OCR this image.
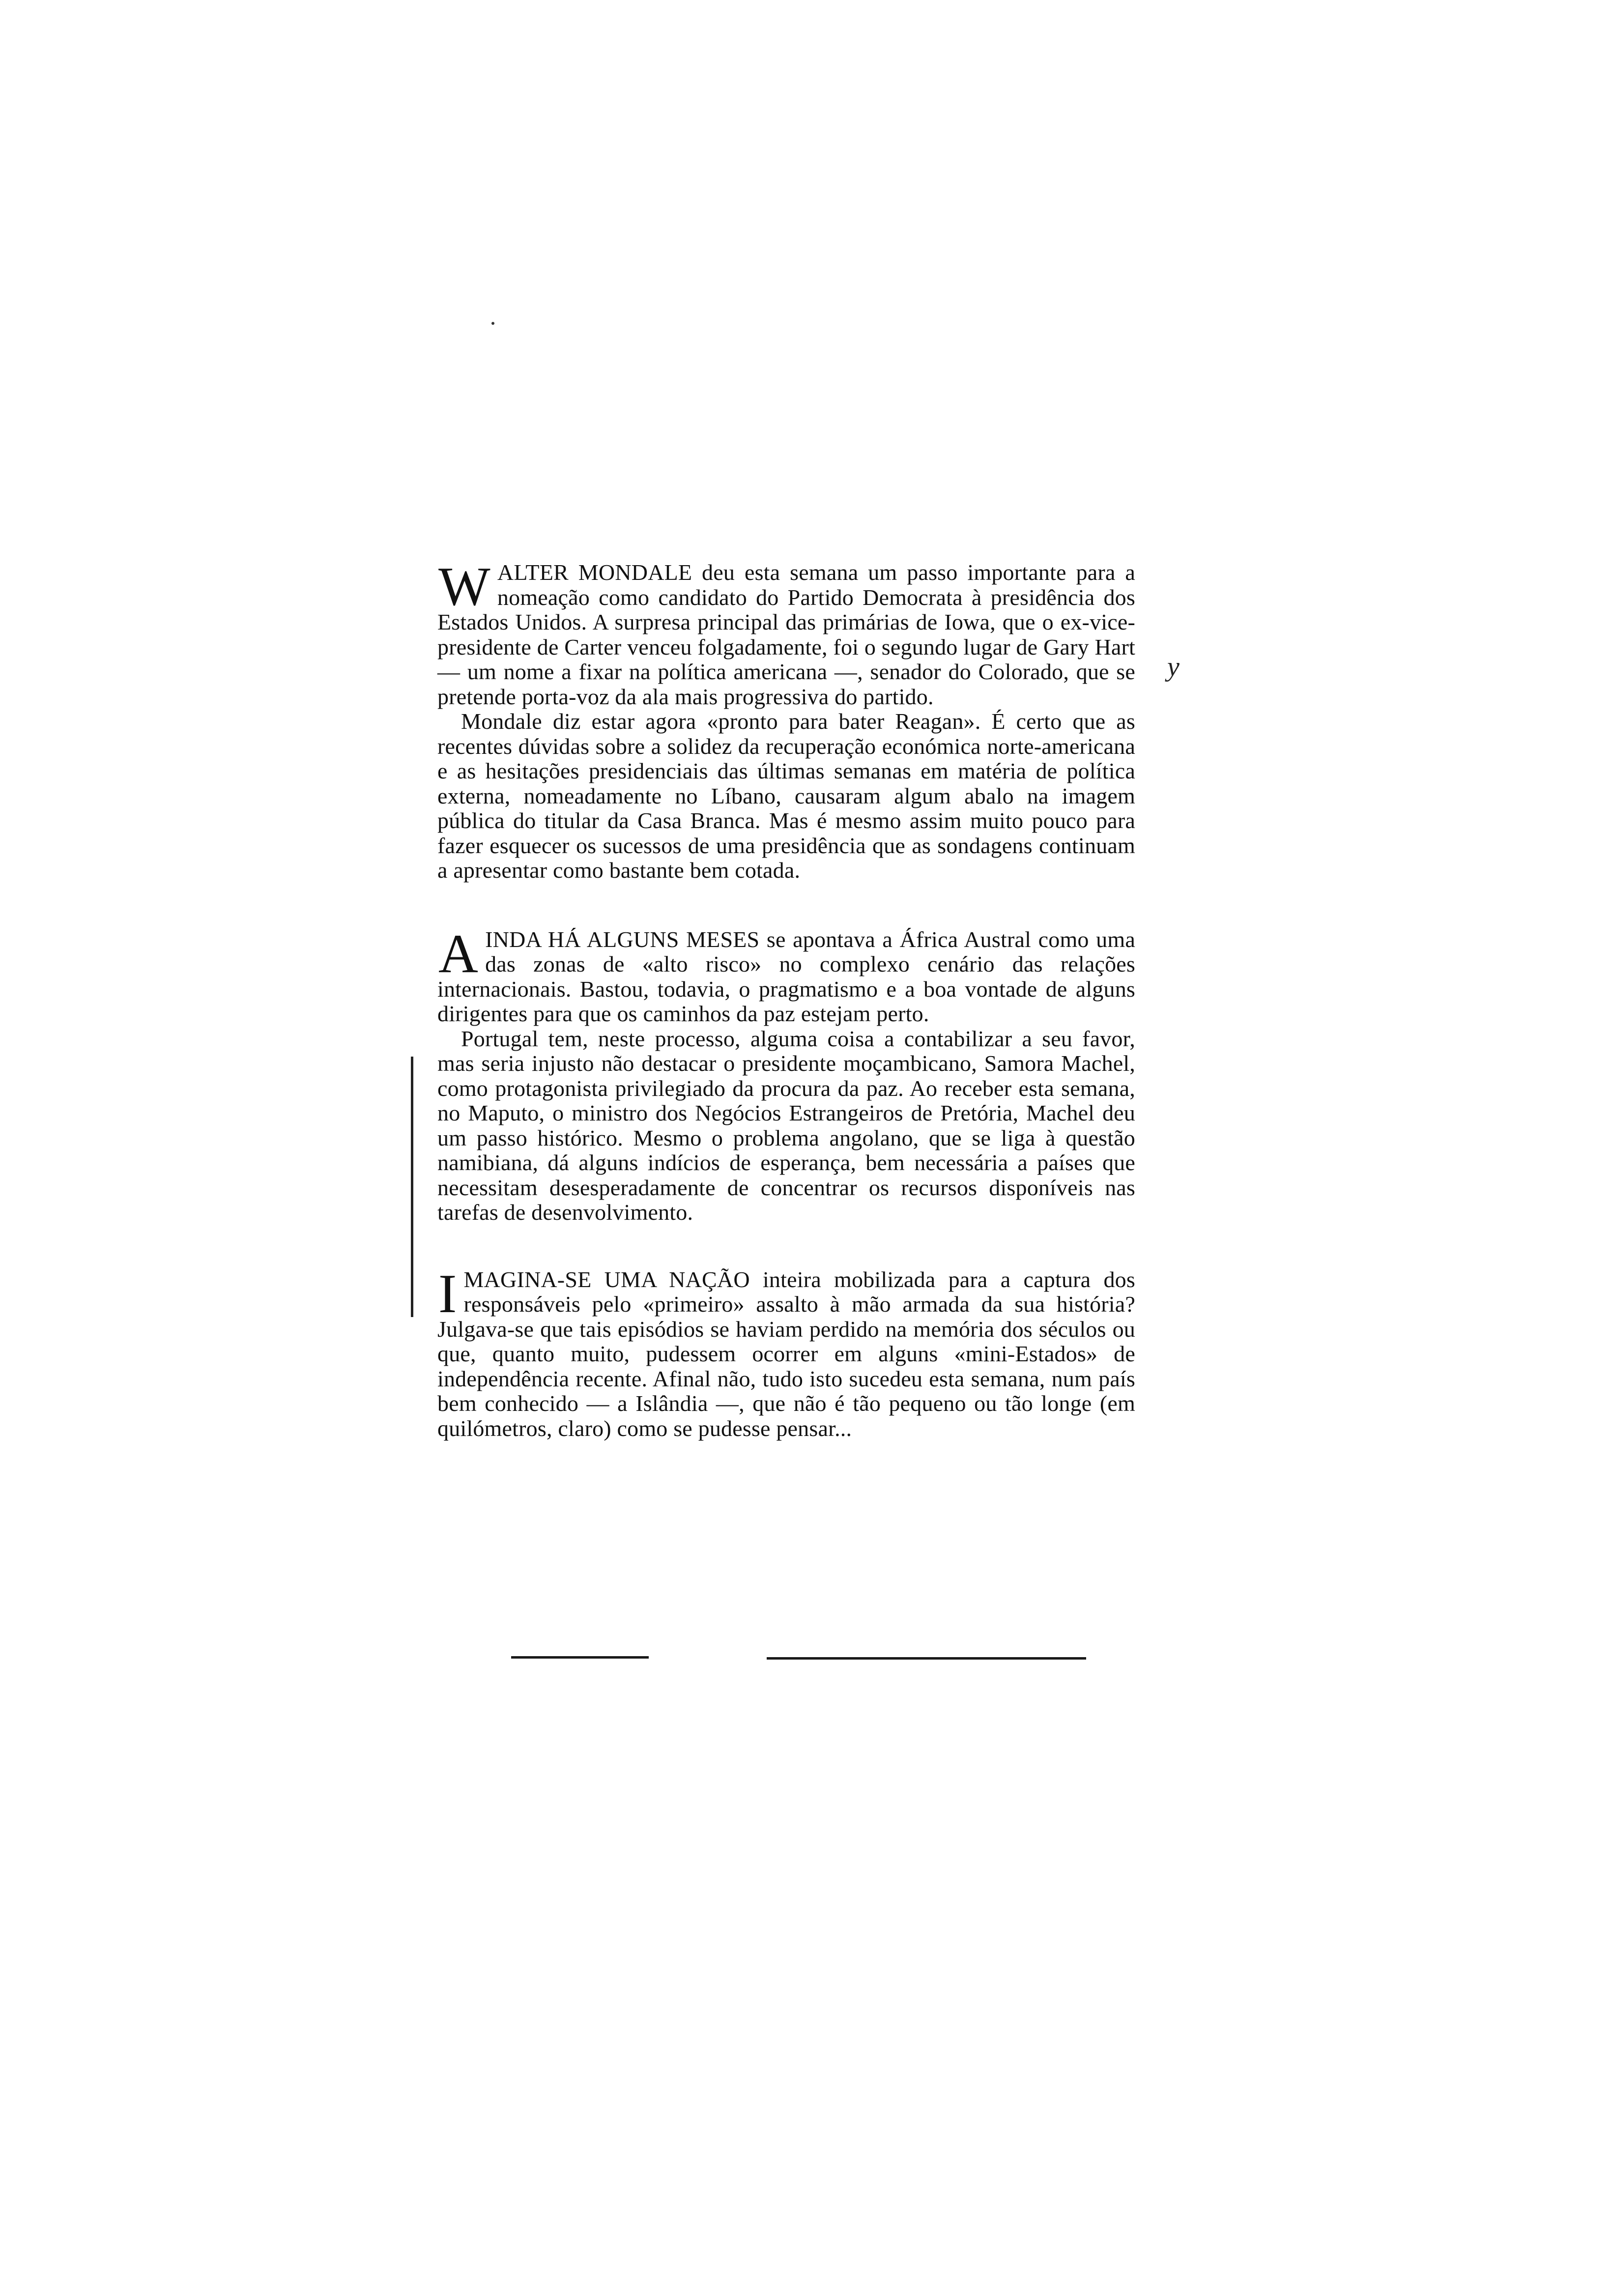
WALTER MONDALE deu esta semana um passo importante para a nomeação como candidato do Partido Democrata à presidência dos Estados Unidos. A surpresa principal das primárias de Iowa, que o ex-vice-presidente de Carter venceu folgadamente, foi o segundo lugar de Gary Hart — um nome a fixar na política americana —, senador do Colorado, que se pretende porta-voz da ala mais progressiva do partido.

Mondale diz estar agora «pronto para bater Reagan». É certo que as recentes dúvidas sobre a solidez da recuperação económica norte-americana e as hesitações presidenciais das últimas semanas em matéria de política externa, nomeadamente no Líbano, causaram algum abalo na imagem pública do titular da Casa Branca. Mas é mesmo assim muito pouco para fazer esquecer os sucessos de uma presidência que as sondagens continuam a apresentar como bastante bem cotada.

AINDA HÁ ALGUNS MESES se apontava a África Austral como uma das zonas de «alto risco» no complexo cenário das relações internacionais. Bastou, todavia, o pragmatismo e a boa vontade de alguns dirigentes para que os caminhos da paz estejam perto.

Portugal tem, neste processo, alguma coisa a contabilizar a seu favor, mas seria injusto não destacar o presidente moçambicano, Samora Machel, como protagonista privilegiado da procura da paz. Ao receber esta semana, no Maputo, o ministro dos Negócios Estrangeiros de Pretória, Machel deu um passo histórico. Mesmo o problema angolano, que se liga à questão namibiana, dá alguns indícios de esperança, bem necessária a países que necessitam desesperadamente de concentrar os recursos disponíveis nas tarefas de desenvolvimento.

IMAGINA-SE UMA NAÇÃO inteira mobilizada para a captura dos responsáveis pelo «primeiro» assalto à mão armada da sua história? Julgava-se que tais episódios se haviam perdido na memória dos séculos ou que, quanto muito, pudessem ocorrer em alguns «mini-Estados» de independência recente. Afinal não, tudo isto sucedeu esta semana, num país bem conhecido — a Islândia —, que não é tão pequeno ou tão longe (em quilómetros, claro) como se pudesse pensar...

y
